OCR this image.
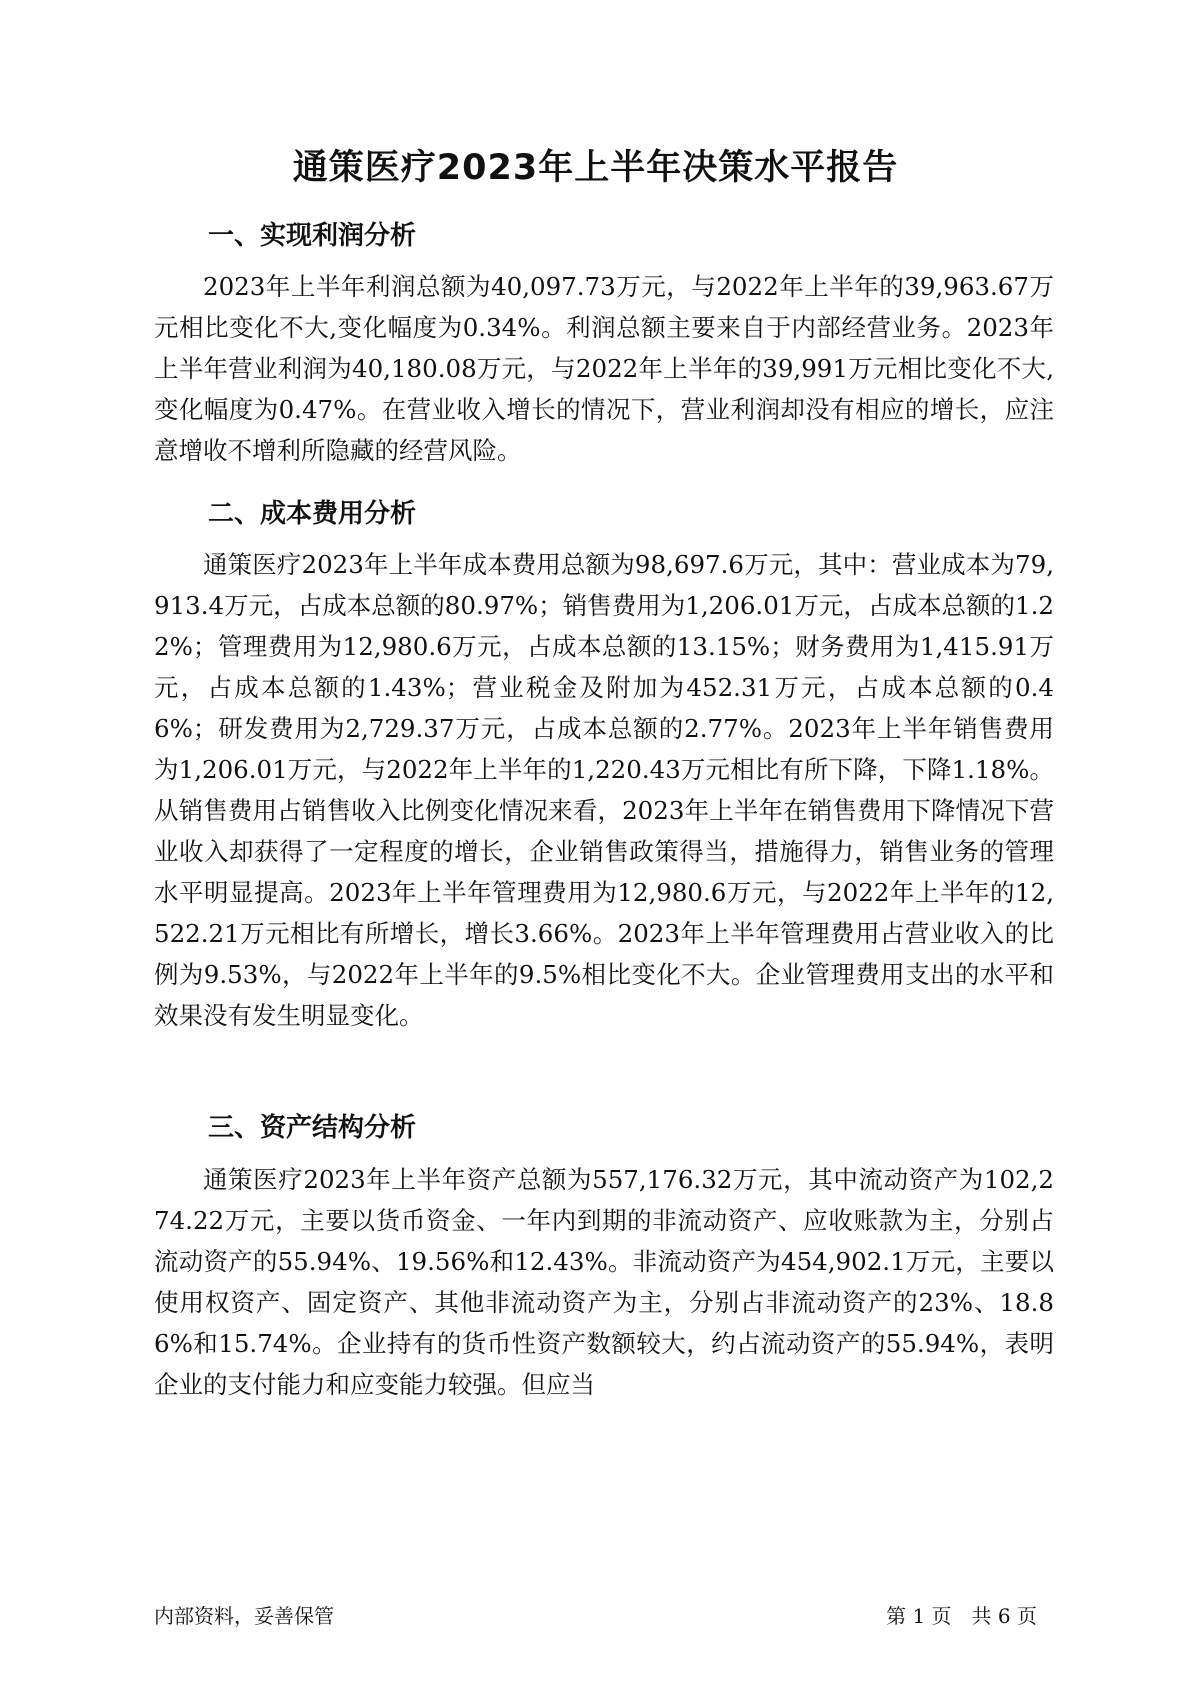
通策医疗2023年上半年决策水平报告
一、实现利润分析
2023年上半年利润总额为40,097.73万元，与2022年上半年的39,963.67万元相比变化不大,变化幅度为0.34%。利润总额主要来自于内部经营业务。2023年上半年营业利润为40,180.08万元，与2022年上半年的39,991万元相比变化不大,变化幅度为0.47%。在营业收入增长的情况下，营业利润却没有相应的增长，应注意增收不增利所隐藏的经营风险。
二、成本费用分析
通策医疗2023年上半年成本费用总额为98,697.6万元，其中：营业成本为79,913.4万元，占成本总额的80.97%；销售费用为1,206.01万元，占成本总额的1.22%；管理费用为12,980.6万元，占成本总额的13.15%；财务费用为1,415.91万元，占成本总额的1.43%；营业税金及附加为452.31万元，占成本总额的0.46%；研发费用为2,729.37万元，占成本总额的2.77%。2023年上半年销售费用为1,206.01万元，与2022年上半年的1,220.43万元相比有所下降，下降1.18%。从销售费用占销售收入比例变化情况来看，2023年上半年在销售费用下降情况下营业收入却获得了一定程度的增长，企业销售政策得当，措施得力，销售业务的管理水平明显提高。2023年上半年管理费用为12,980.6万元，与2022年上半年的12,522.21万元相比有所增长，增长3.66%。2023年上半年管理费用占营业收入的比例为9.53%，与2022年上半年的9.5%相比变化不大。企业管理费用支出的水平和效果没有发生明显变化。
三、资产结构分析
通策医疗2023年上半年资产总额为557,176.32万元，其中流动资产为102,274.22万元，主要以货币资金、一年内到期的非流动资产、应收账款为主，分别占流动资产的55.94%、19.56%和12.43%。非流动资产为454,902.1万元，主要以使用权资产、固定资产、其他非流动资产为主，分别占非流动资产的23%、18.86%和15.74%。企业持有的货币性资产数额较大，约占流动资产的55.94%，表明企业的支付能力和应变能力较强。但应当
内部资料，妥善保管	第 1 页　共 6 页
